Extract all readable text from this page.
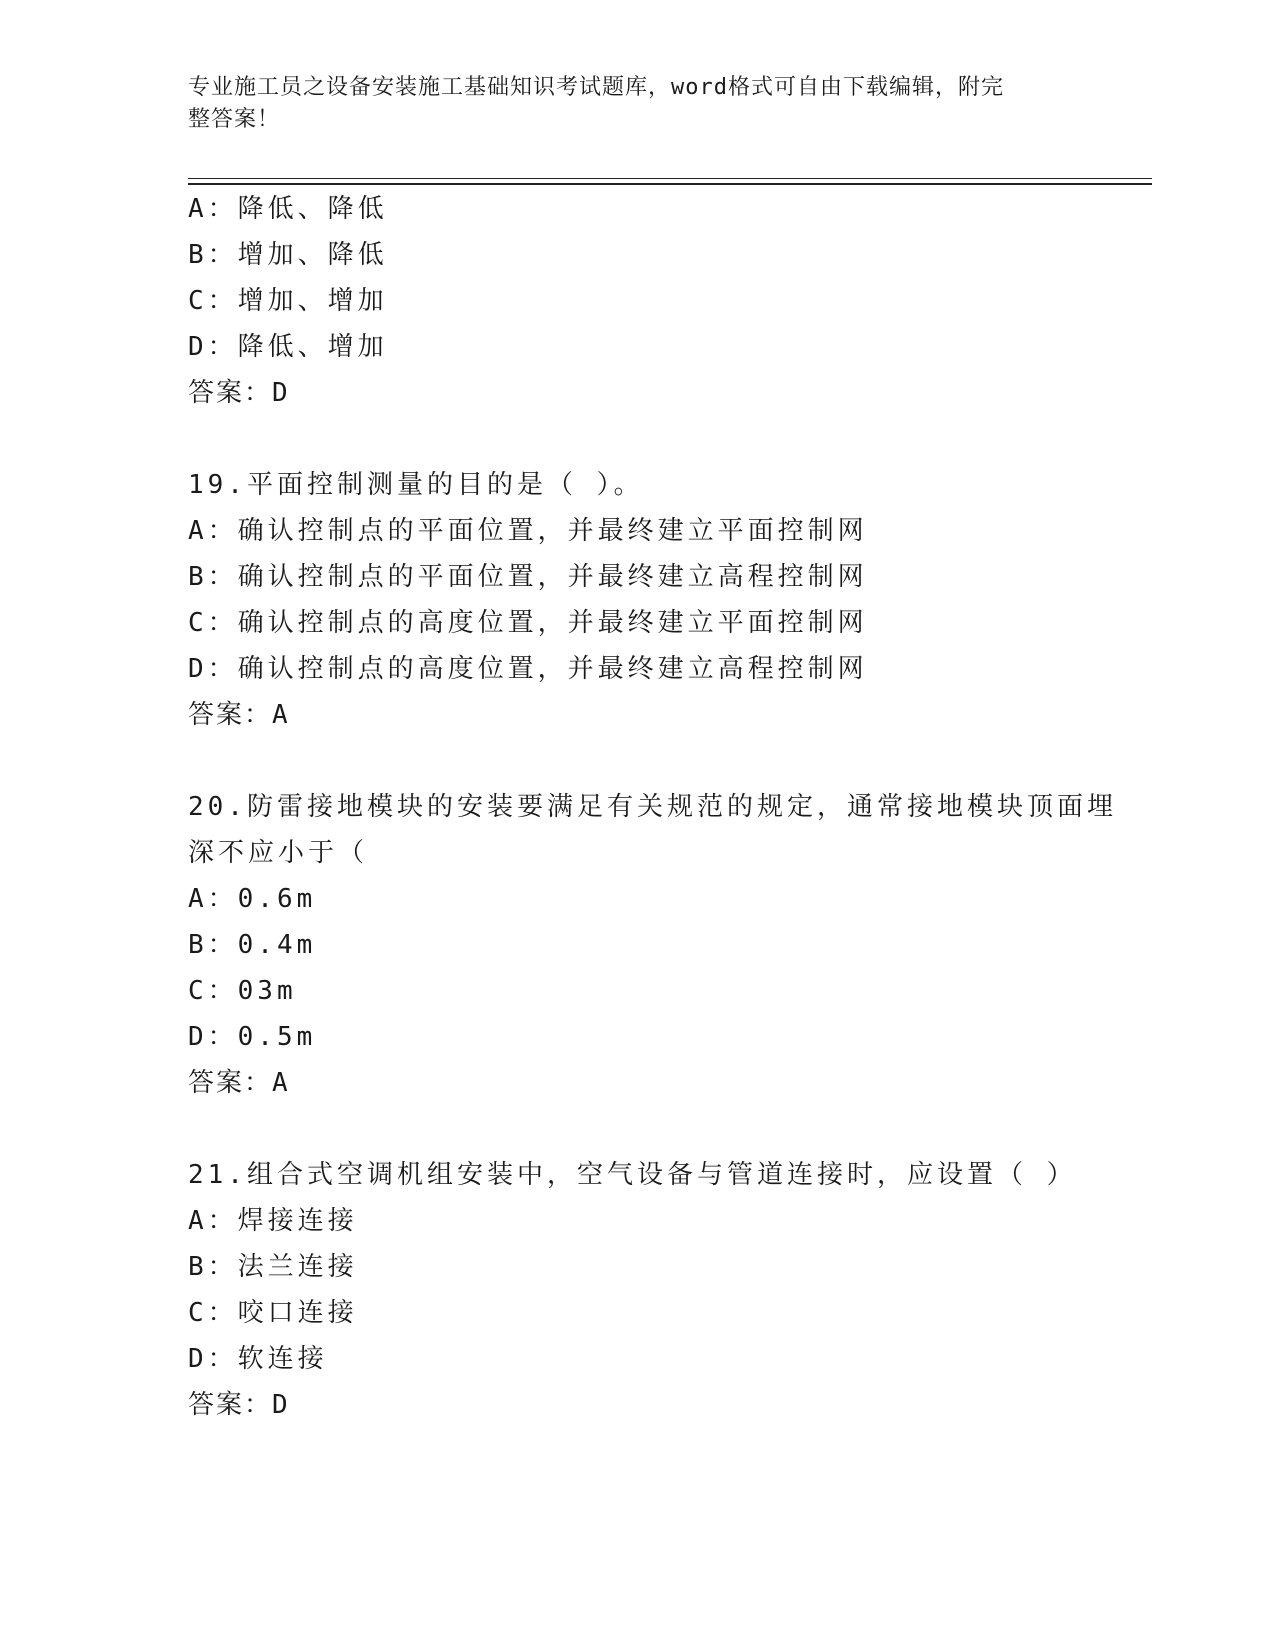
专业施工员之设备安装施工基础知识考试题库，word格式可自由下载编辑，附完
整答案！
A：降低、降低
B：增加、降低
C：增加、增加
D：降低、增加
答案：D
19.平面控制测量的目的是（ ）。
A：确认控制点的平面位置，并最终建立平面控制网
B：确认控制点的平面位置，并最终建立高程控制网
C：确认控制点的高度位置，并最终建立平面控制网
D：确认控制点的高度位置，并最终建立高程控制网
答案：A
20.防雷接地模块的安装要满足有关规范的规定，通常接地模块顶面埋
深不应小于（
A：0.6m
B：0.4m
C：03m
D：0.5m
答案：A
21.组合式空调机组安装中，空气设备与管道连接时，应设置（ ）
A：焊接连接
B：法兰连接
C：咬口连接
D：软连接
答案：D
